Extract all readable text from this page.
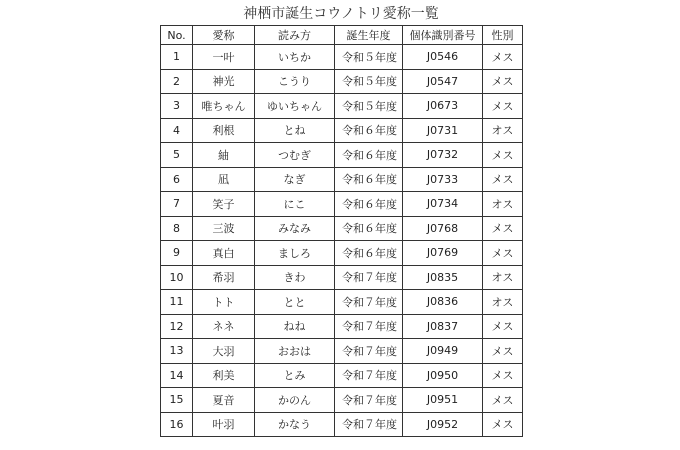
神栖市誕生コウノトリ愛称一覧
No.	愛称	読み方	誕生年度	個体識別番号	性別
1	一叶	いちか	令和５年度	J0546	メス
2	神光	こうり	令和５年度	J0547	メス
3	唯ちゃん	ゆいちゃん	令和５年度	J0673	メス
4	利根	とね	令和６年度	J0731	オス
5	紬	つむぎ	令和６年度	J0732	メス
6	凪	なぎ	令和６年度	J0733	メス
7	笑子	にこ	令和６年度	J0734	オス
8	三波	みなみ	令和６年度	J0768	メス
9	真白	ましろ	令和６年度	J0769	メス
10	希羽	きわ	令和７年度	J0835	オス
11	トト	とと	令和７年度	J0836	オス
12	ネネ	ねね	令和７年度	J0837	メス
13	大羽	おおは	令和７年度	J0949	メス
14	利美	とみ	令和７年度	J0950	メス
15	夏音	かのん	令和７年度	J0951	メス
16	叶羽	かなう	令和７年度	J0952	メス
